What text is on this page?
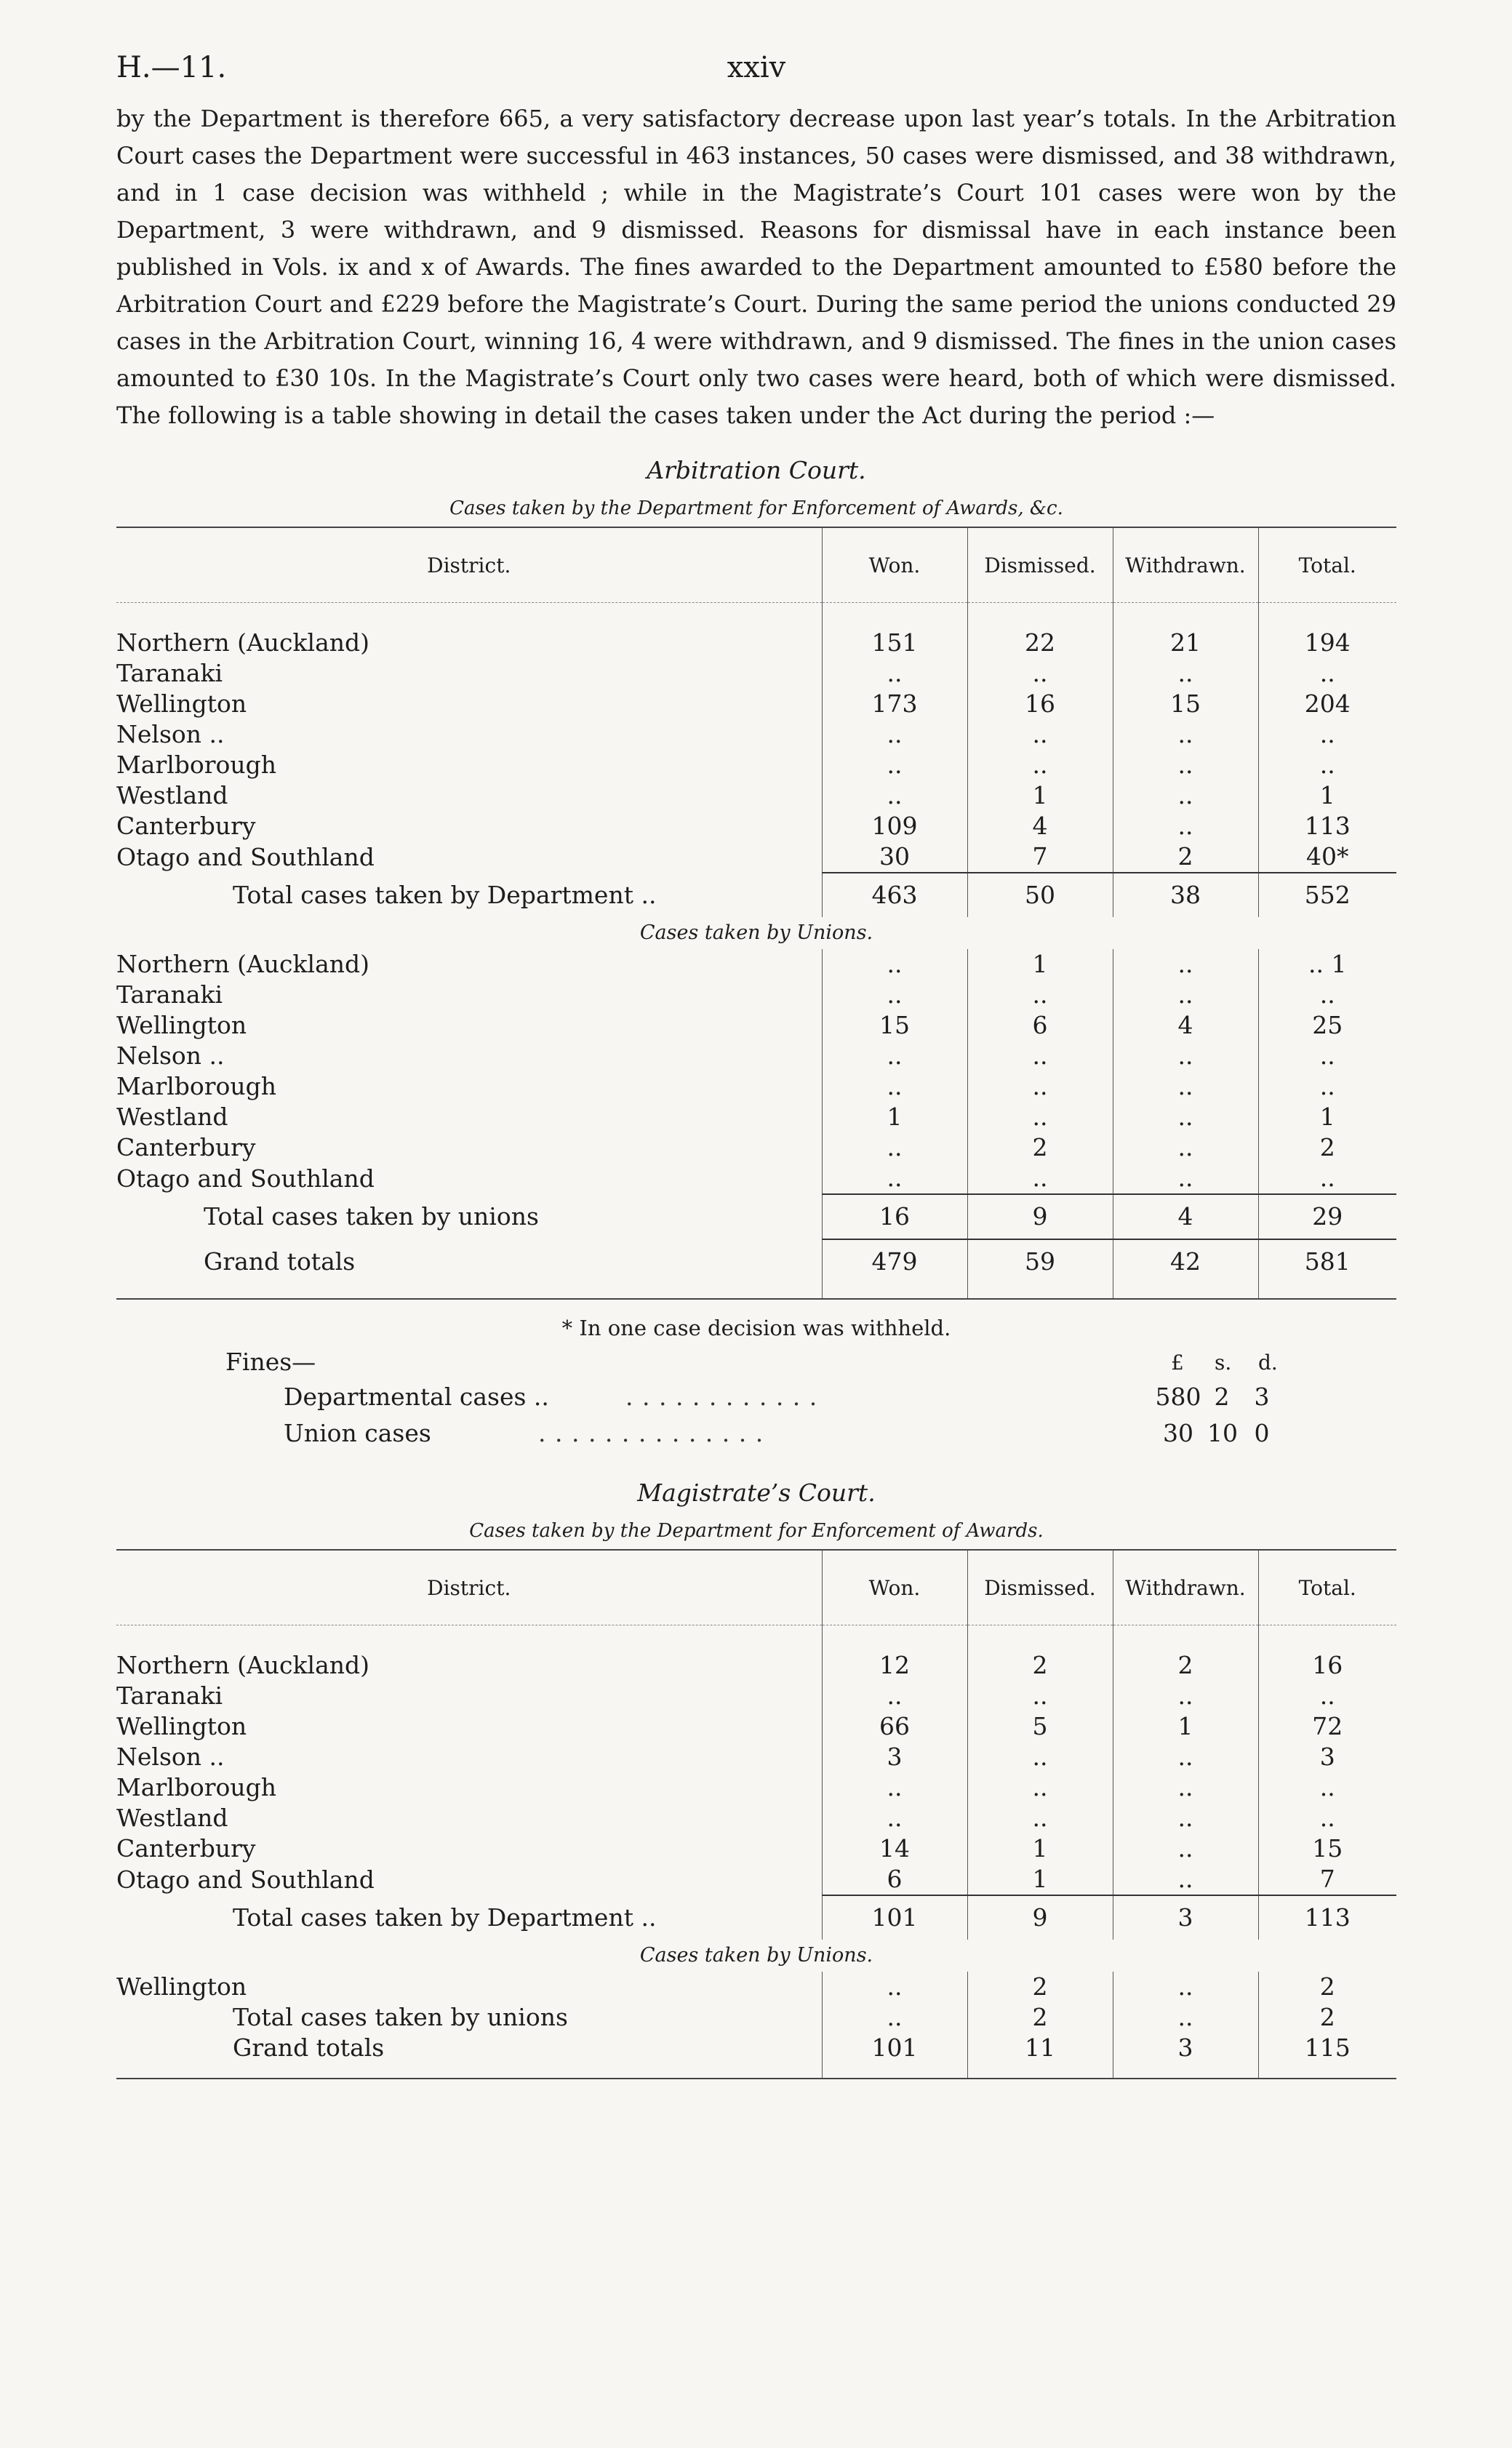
H.—11.	xxiv

by the Department is therefore 665, a very satisfactory decrease upon last year’s totals. In the Arbitration Court cases the Department were successful in 463 instances, 50 cases were dismissed, and 38 withdrawn, and in 1 case decision was withheld ; while in the Magistrate’s Court 101 cases were won by the Department, 3 were withdrawn, and 9 dismissed. Reasons for dismissal have in each instance been published in Vols. ix and x of Awards. The fines awarded to the Department amounted to £580 before the Arbitration Court and £229 before the Magistrate’s Court. During the same period the unions conducted 29 cases in the Arbitration Court, winning 16, 4 were withdrawn, and 9 dismissed. The fines in the union cases amounted to £30 10s. In the Magistrate’s Court only two cases were heard, both of which were dismissed. The following is a table showing in detail the cases taken under the Act during the period :—

Arbitration Court.
Cases taken by the Department for Enforcement of Awards, &c.
District.	Won.	Dismissed.	Withdrawn.	Total.

Northern (Auckland)	151	22	21	194
Taranaki	..	..	..	..
Wellington	173	16	15	204
Nelson ..	..	..	..	..
Marlborough	..	..	..	..
Westland	..	1	..	1
Canterbury	109	4	..	113
Otago and Southland	30	7	2	40*
Total cases taken by Department ..	463	50	38	552
Cases taken by Unions.				
Northern (Auckland)	..	1	..	.. 1
Taranaki	..	..	..	..
Wellington	15	6	4	25
Nelson ..	..	..	..	..
Marlborough	..	..	..	..
Westland	1	..	..	1
Canterbury	..	2	..	2
Otago and Southland	..	..	..	..
Total cases taken by unions	16	9	4	29
Grand totals	479	59	42	581

* In one case decision was withheld.
Fines—	£ s. d.
Departmental cases ..	. . . . . . . . . . . .	580 2 3
Union cases	. . . . . . . . . . . . . .	30 10 0
Magistrate’s Court.
Cases taken by the Department for Enforcement of Awards.
District.	Won.	Dismissed.	Withdrawn.	Total.

Northern (Auckland)	12	2	2	16
Taranaki	..	..	..	..
Wellington	66	5	1	72
Nelson ..	3	..	..	3
Marlborough	..	..	..	..
Westland	..	..	..	..
Canterbury	14	1	..	15
Otago and Southland	6	1	..	7
Total cases taken by Department ..	101	9	3	113
Cases taken by Unions.				
Wellington	..	2	..	2
Total cases taken by unions	..	2	..	2
Grand totals	101	11	3	115
